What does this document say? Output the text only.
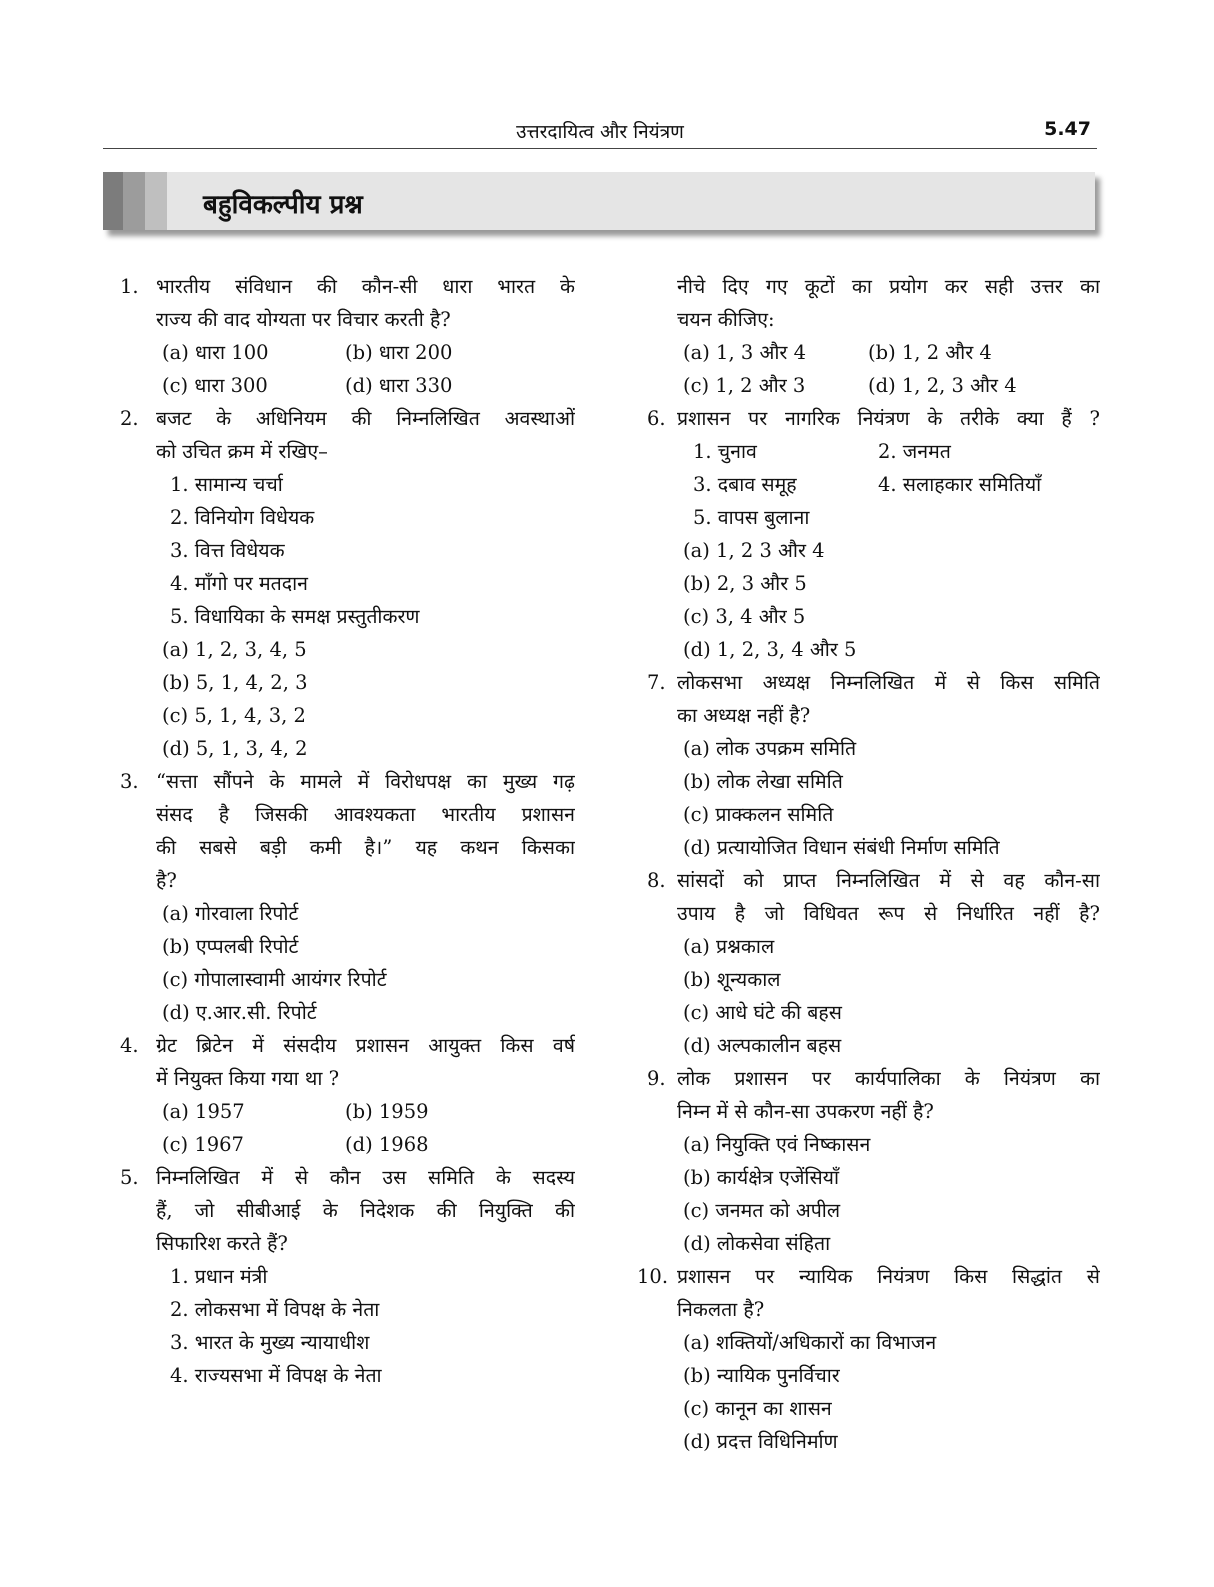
उत्तरदायित्व और नियंत्रण	5.47
बहुविकल्पीय प्रश्न
1. भारतीय संविधान की कौन-सी धारा भारत के
राज्य की वाद योग्यता पर विचार करती है?
(a) धारा 100	(b) धारा 200
(c) धारा 300	(d) धारा 330
2. बजट के अधिनियम की निम्नलिखित अवस्थाओं
को उचित क्रम में रखिए–
1. सामान्य चर्चा
2. विनियोग विधेयक
3. वित्त विधेयक
4. माँगो पर मतदान
5. विधायिका के समक्ष प्रस्तुतीकरण
(a) 1, 2, 3, 4, 5
(b) 5, 1, 4, 2, 3
(c) 5, 1, 4, 3, 2
(d) 5, 1, 3, 4, 2
3. “सत्ता सौंपने के मामले में विरोधपक्ष का मुख्य गढ़
संसद है जिसकी आवश्यकता भारतीय प्रशासन
की सबसे बड़ी कमी है।” यह कथन किसका
है?
(a) गोरवाला रिपोर्ट
(b) एप्पलबी रिपोर्ट
(c) गोपालास्वामी आयंगर रिपोर्ट
(d) ए.आर.सी. रिपोर्ट
4. ग्रेट ब्रिटेन में संसदीय प्रशासन आयुक्त किस वर्ष
में नियुक्त किया गया था ?
(a) 1957	(b) 1959
(c) 1967	(d) 1968
5. निम्नलिखित में से कौन उस समिति के सदस्य
हैं, जो सीबीआई के निदेशक की नियुक्ति की
सिफारिश करते हैं?
1. प्रधान मंत्री
2. लोकसभा में विपक्ष के नेता
3. भारत के मुख्य न्यायाधीश
4. राज्यसभा में विपक्ष के नेता
नीचे दिए गए कूटों का प्रयोग कर सही उत्तर का
चयन कीजिए:
(a) 1, 3 और 4	(b) 1, 2 और 4
(c) 1, 2 और 3	(d) 1, 2, 3 और 4
6. प्रशासन पर नागरिक नियंत्रण के तरीके क्या हैं ?
1. चुनाव	2. जनमत
3. दबाव समूह	4. सलाहकार समितियाँ
5. वापस बुलाना
(a) 1, 2 3 और 4
(b) 2, 3 और 5
(c) 3, 4 और 5
(d) 1, 2, 3, 4 और 5
7. लोकसभा अध्यक्ष निम्नलिखित में से किस समिति
का अध्यक्ष नहीं है?
(a) लोक उपक्रम समिति
(b) लोक लेखा समिति
(c) प्राक्कलन समिति
(d) प्रत्यायोजित विधान संबंधी निर्माण समिति
8. सांसदों को प्राप्त निम्नलिखित में से वह कौन-सा
उपाय है जो विधिवत रूप से निर्धारित नहीं है?
(a) प्रश्नकाल
(b) शून्यकाल
(c) आधे घंटे की बहस
(d) अल्पकालीन बहस
9. लोक प्रशासन पर कार्यपालिका के नियंत्रण का
निम्न में से कौन-सा उपकरण नहीं है?
(a) नियुक्ति एवं निष्कासन
(b) कार्यक्षेत्र एजेंसियाँ
(c) जनमत को अपील
(d) लोकसेवा संहिता
10. प्रशासन पर न्यायिक नियंत्रण किस सिद्धांत से
निकलता है?
(a) शक्तियों/अधिकारों का विभाजन
(b) न्यायिक पुनर्विचार
(c) कानून का शासन
(d) प्रदत्त विधिनिर्माण
